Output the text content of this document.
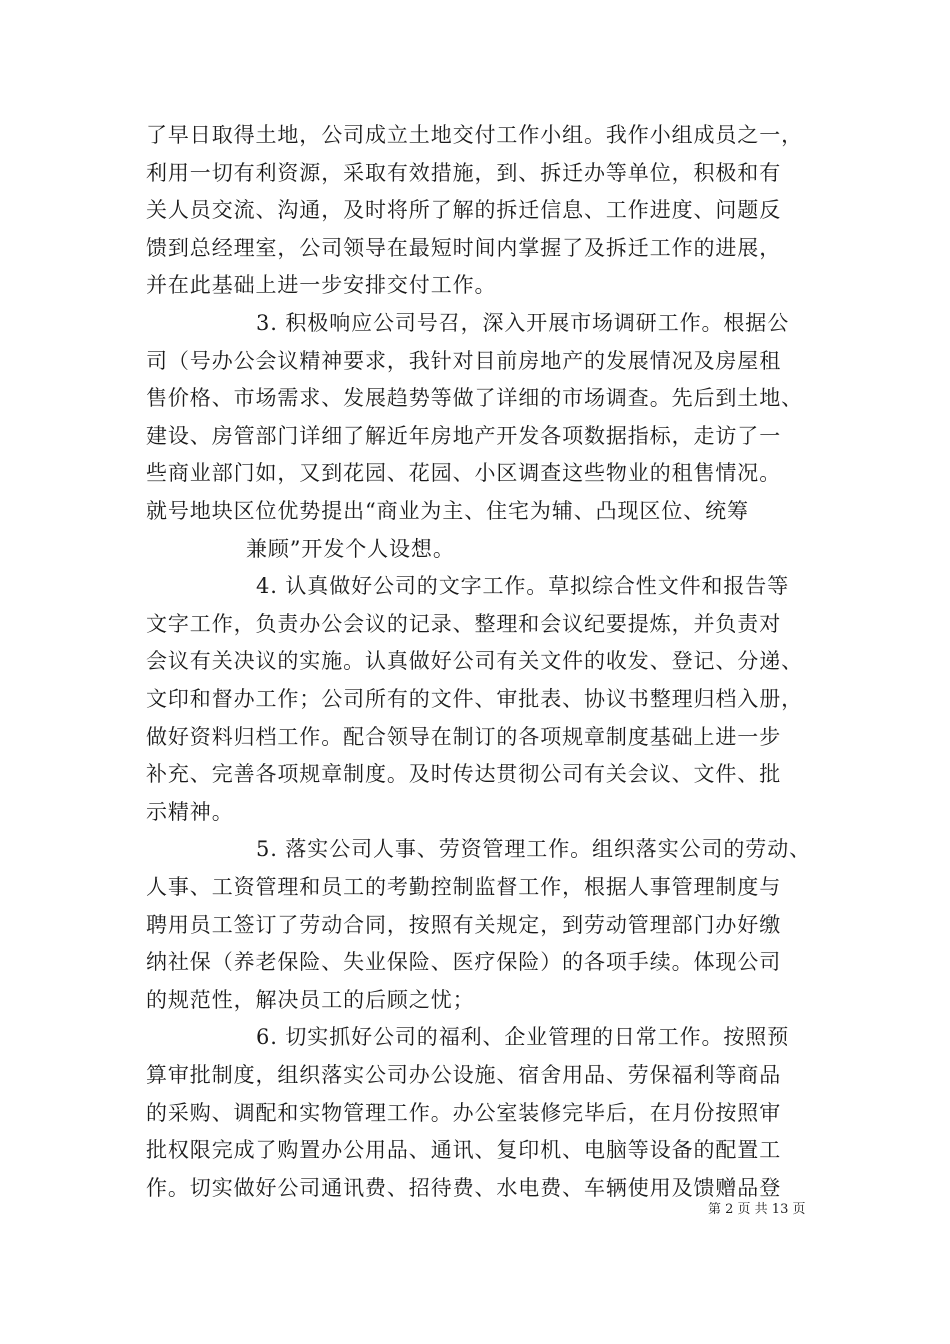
了早日取得土地，公司成立土地交付工作小组。我作小组成员之一，
利用一切有利资源，采取有效措施，到、拆迁办等单位，积极和有
关人员交流、沟通，及时将所了解的拆迁信息、工作进度、问题反
馈到总经理室，公司领导在最短时间内掌握了及拆迁工作的进展，
并在此基础上进一步安排交付工作。
3. 积极响应公司号召，深入开展市场调研工作。根据公
司（号办公会议精神要求，我针对目前房地产的发展情况及房屋租
售价格、市场需求、发展趋势等做了详细的市场调查。先后到土地、
建设、房管部门详细了解近年房地产开发各项数据指标，走访了一
些商业部门如，又到花园、花园、小区调查这些物业的租售情况。
就号地块区位优势提出“商业为主、住宅为辅、凸现区位、统筹
兼顾”开发个人设想。
4. 认真做好公司的文字工作。草拟综合性文件和报告等
文字工作，负责办公会议的记录、整理和会议纪要提炼，并负责对
会议有关决议的实施。认真做好公司有关文件的收发、登记、分递、
文印和督办工作；公司所有的文件、审批表、协议书整理归档入册，
做好资料归档工作。配合领导在制订的各项规章制度基础上进一步
补充、完善各项规章制度。及时传达贯彻公司有关会议、文件、批
示精神。
5. 落实公司人事、劳资管理工作。组织落实公司的劳动、
人事、工资管理和员工的考勤控制监督工作，根据人事管理制度与
聘用员工签订了劳动合同，按照有关规定，到劳动管理部门办好缴
纳社保（养老保险、失业保险、医疗保险）的各项手续。体现公司
的规范性，解决员工的后顾之忧；
6. 切实抓好公司的福利、企业管理的日常工作。按照预
算审批制度，组织落实公司办公设施、宿舍用品、劳保福利等商品
的采购、调配和实物管理工作。办公室装修完毕后，在月份按照审
批权限完成了购置办公用品、通讯、复印机、电脑等设备的配置工
作。切实做好公司通讯费、招待费、水电费、车辆使用及馈赠品登
第 2 页 共 13 页
